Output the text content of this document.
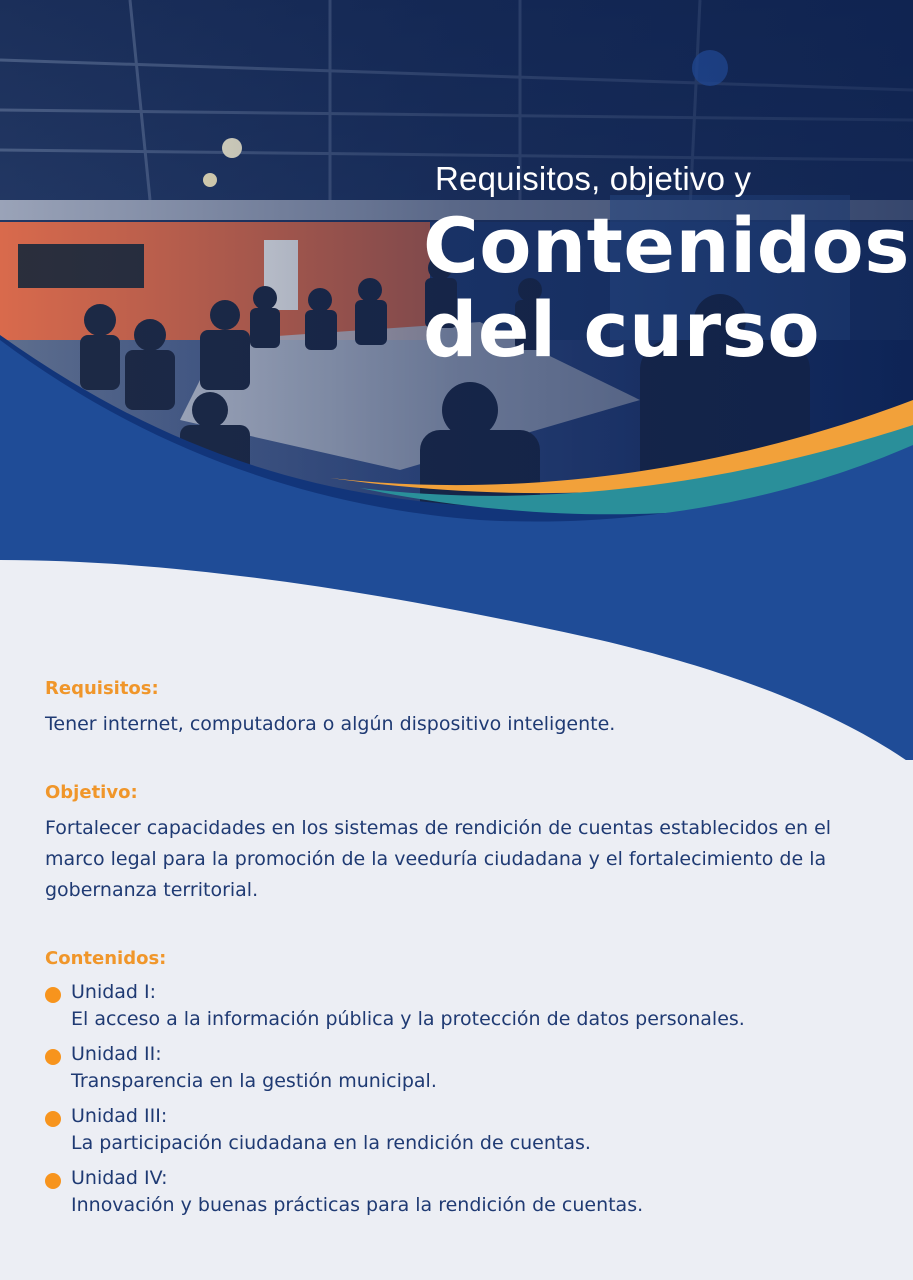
Requisitos, objetivo y

Contenidos

del curso

Requisitos:

Tener internet, computadora o algún dispositivo inteligente.

Objetivo:

Fortalecer capacidades en los sistemas de rendición de cuentas establecidos en el marco legal para la promoción de la veeduría ciudadana y el fortalecimiento de la gobernanza territorial.

Contenidos:

Unidad I:
El acceso a la información pública y la protección de datos personales.
Unidad II:
Transparencia en la gestión municipal.
Unidad III:
La participación ciudadana en la rendición de cuentas.
Unidad IV:
Innovación y buenas prácticas para la rendición de cuentas.
